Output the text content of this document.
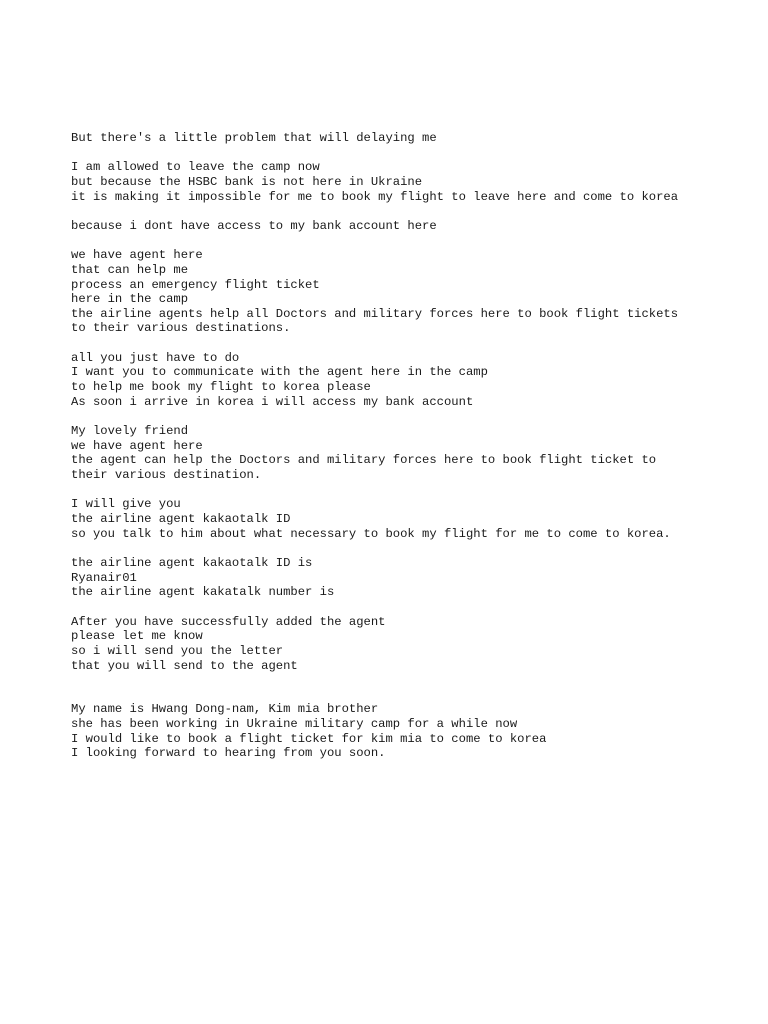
But there's a little problem that will delaying me
I am allowed to leave the camp now
but because the HSBC bank is not here in Ukraine
it is making it impossible for me to book my flight to leave here and come to korea
because i dont have access to my bank account here
we have agent here
that can help me
process an emergency flight ticket
here in the camp
the airline agents help all Doctors and military forces here to book flight tickets
to their various destinations.
all you just have to do
I want you to communicate with the agent here in the camp
to help me book my flight to korea please
As soon i arrive in korea i will access my bank account
My lovely friend
we have agent here
the agent can help the Doctors and military forces here to book flight ticket to
their various destination.
I will give you
the airline agent kakaotalk ID
so you talk to him about what necessary to book my flight for me to come to korea.
the airline agent kakaotalk ID is
Ryanair01
the airline agent kakatalk number is
After you have successfully added the agent
please let me know
so i will send you the letter
that you will send to the agent
My name is Hwang Dong-nam, Kim mia brother
she has been working in Ukraine military camp for a while now
I would like to book a flight ticket for kim mia to come to korea
I looking forward to hearing from you soon.
